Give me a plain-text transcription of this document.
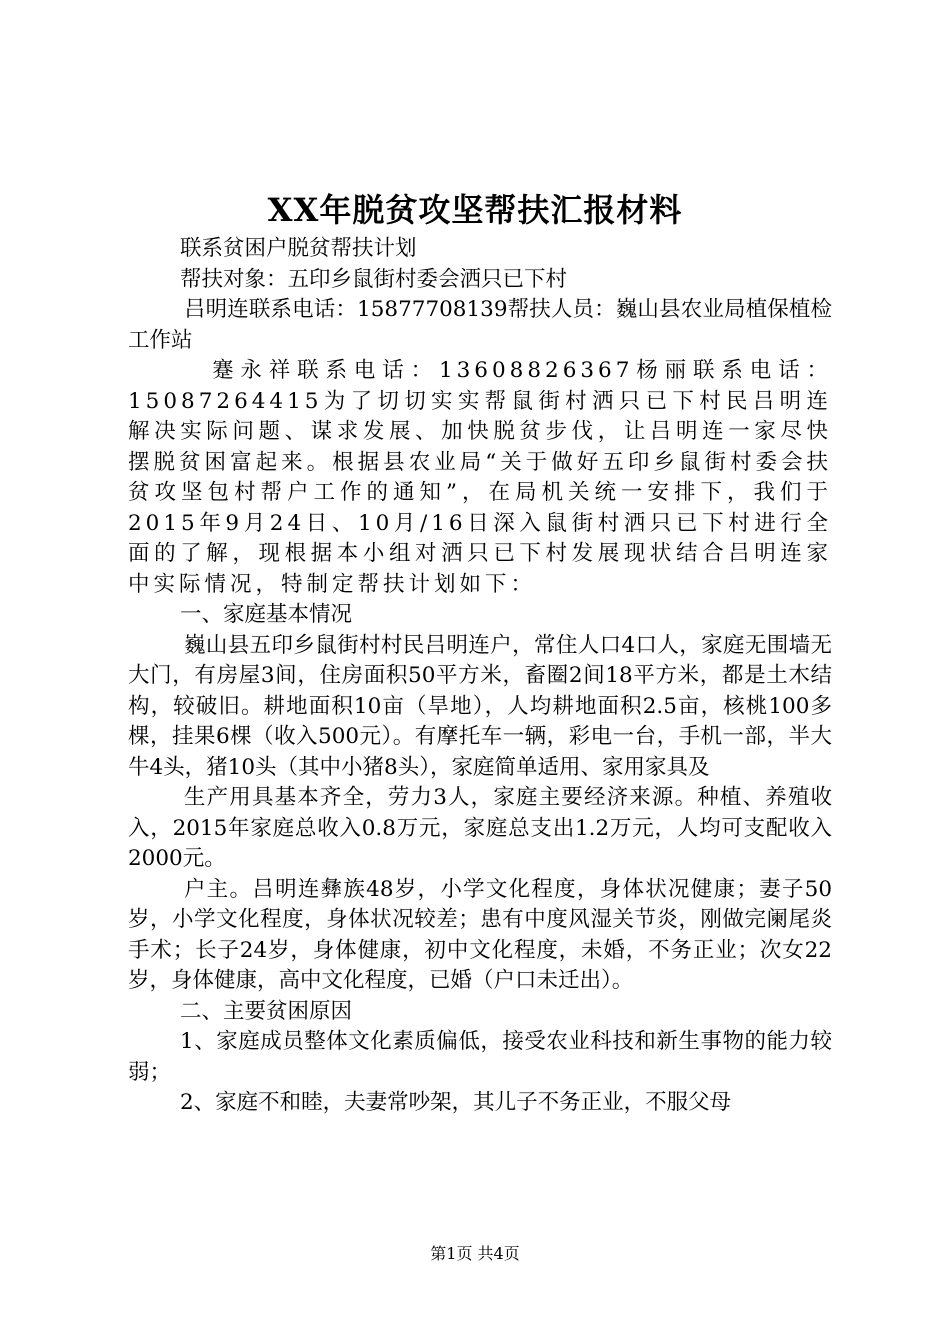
XX年脱贫攻坚帮扶汇报材料

联系贫困户脱贫帮扶计划

帮扶对象：五印乡鼠街村委会洒只已下村

吕明连联系电话：15877708139帮扶人员：巍山县农业局植保植检工作站

蹇永祥联系电话：13608826367杨丽联系电话：15087264415为了切切实实帮鼠街村洒只已下村民吕明连解决实际问题、谋求发展、加快脱贫步伐，让吕明连一家尽快摆脱贫困富起来。根据县农业局“关于做好五印乡鼠街村委会扶贫攻坚包村帮户工作的通知”，在局机关统一安排下，我们于2015年9月24日、10月/16日深入鼠街村洒只已下村进行全面的了解，现根据本小组对洒只已下村发展现状结合吕明连家中实际情况，特制定帮扶计划如下：

一、家庭基本情况

巍山县五印乡鼠街村村民吕明连户，常住人口4口人，家庭无围墙无大门，有房屋3间，住房面积50平方米，畜圈2间18平方米，都是土木结构，较破旧。耕地面积10亩（旱地），人均耕地面积2.5亩，核桃100多棵，挂果6棵（收入500元）。有摩托车一辆，彩电一台，手机一部，半大牛4头，猪10头（其中小猪8头），家庭简单适用、家用家具及

生产用具基本齐全，劳力3人，家庭主要经济来源。种植、养殖收入，2015年家庭总收入0.8万元，家庭总支出1.2万元，人均可支配收入2000元。

户主。吕明连彝族48岁，小学文化程度，身体状况健康；妻子50岁，小学文化程度，身体状况较差；患有中度风湿关节炎，刚做完阑尾炎手术；长子24岁，身体健康，初中文化程度，未婚，不务正业；次女22岁，身体健康，高中文化程度，已婚（户口未迁出）。

二、主要贫困原因

1、家庭成员整体文化素质偏低，接受农业科技和新生事物的能力较弱；

2、家庭不和睦，夫妻常吵架，其儿子不务正业，不服父母

第1页 共4页
